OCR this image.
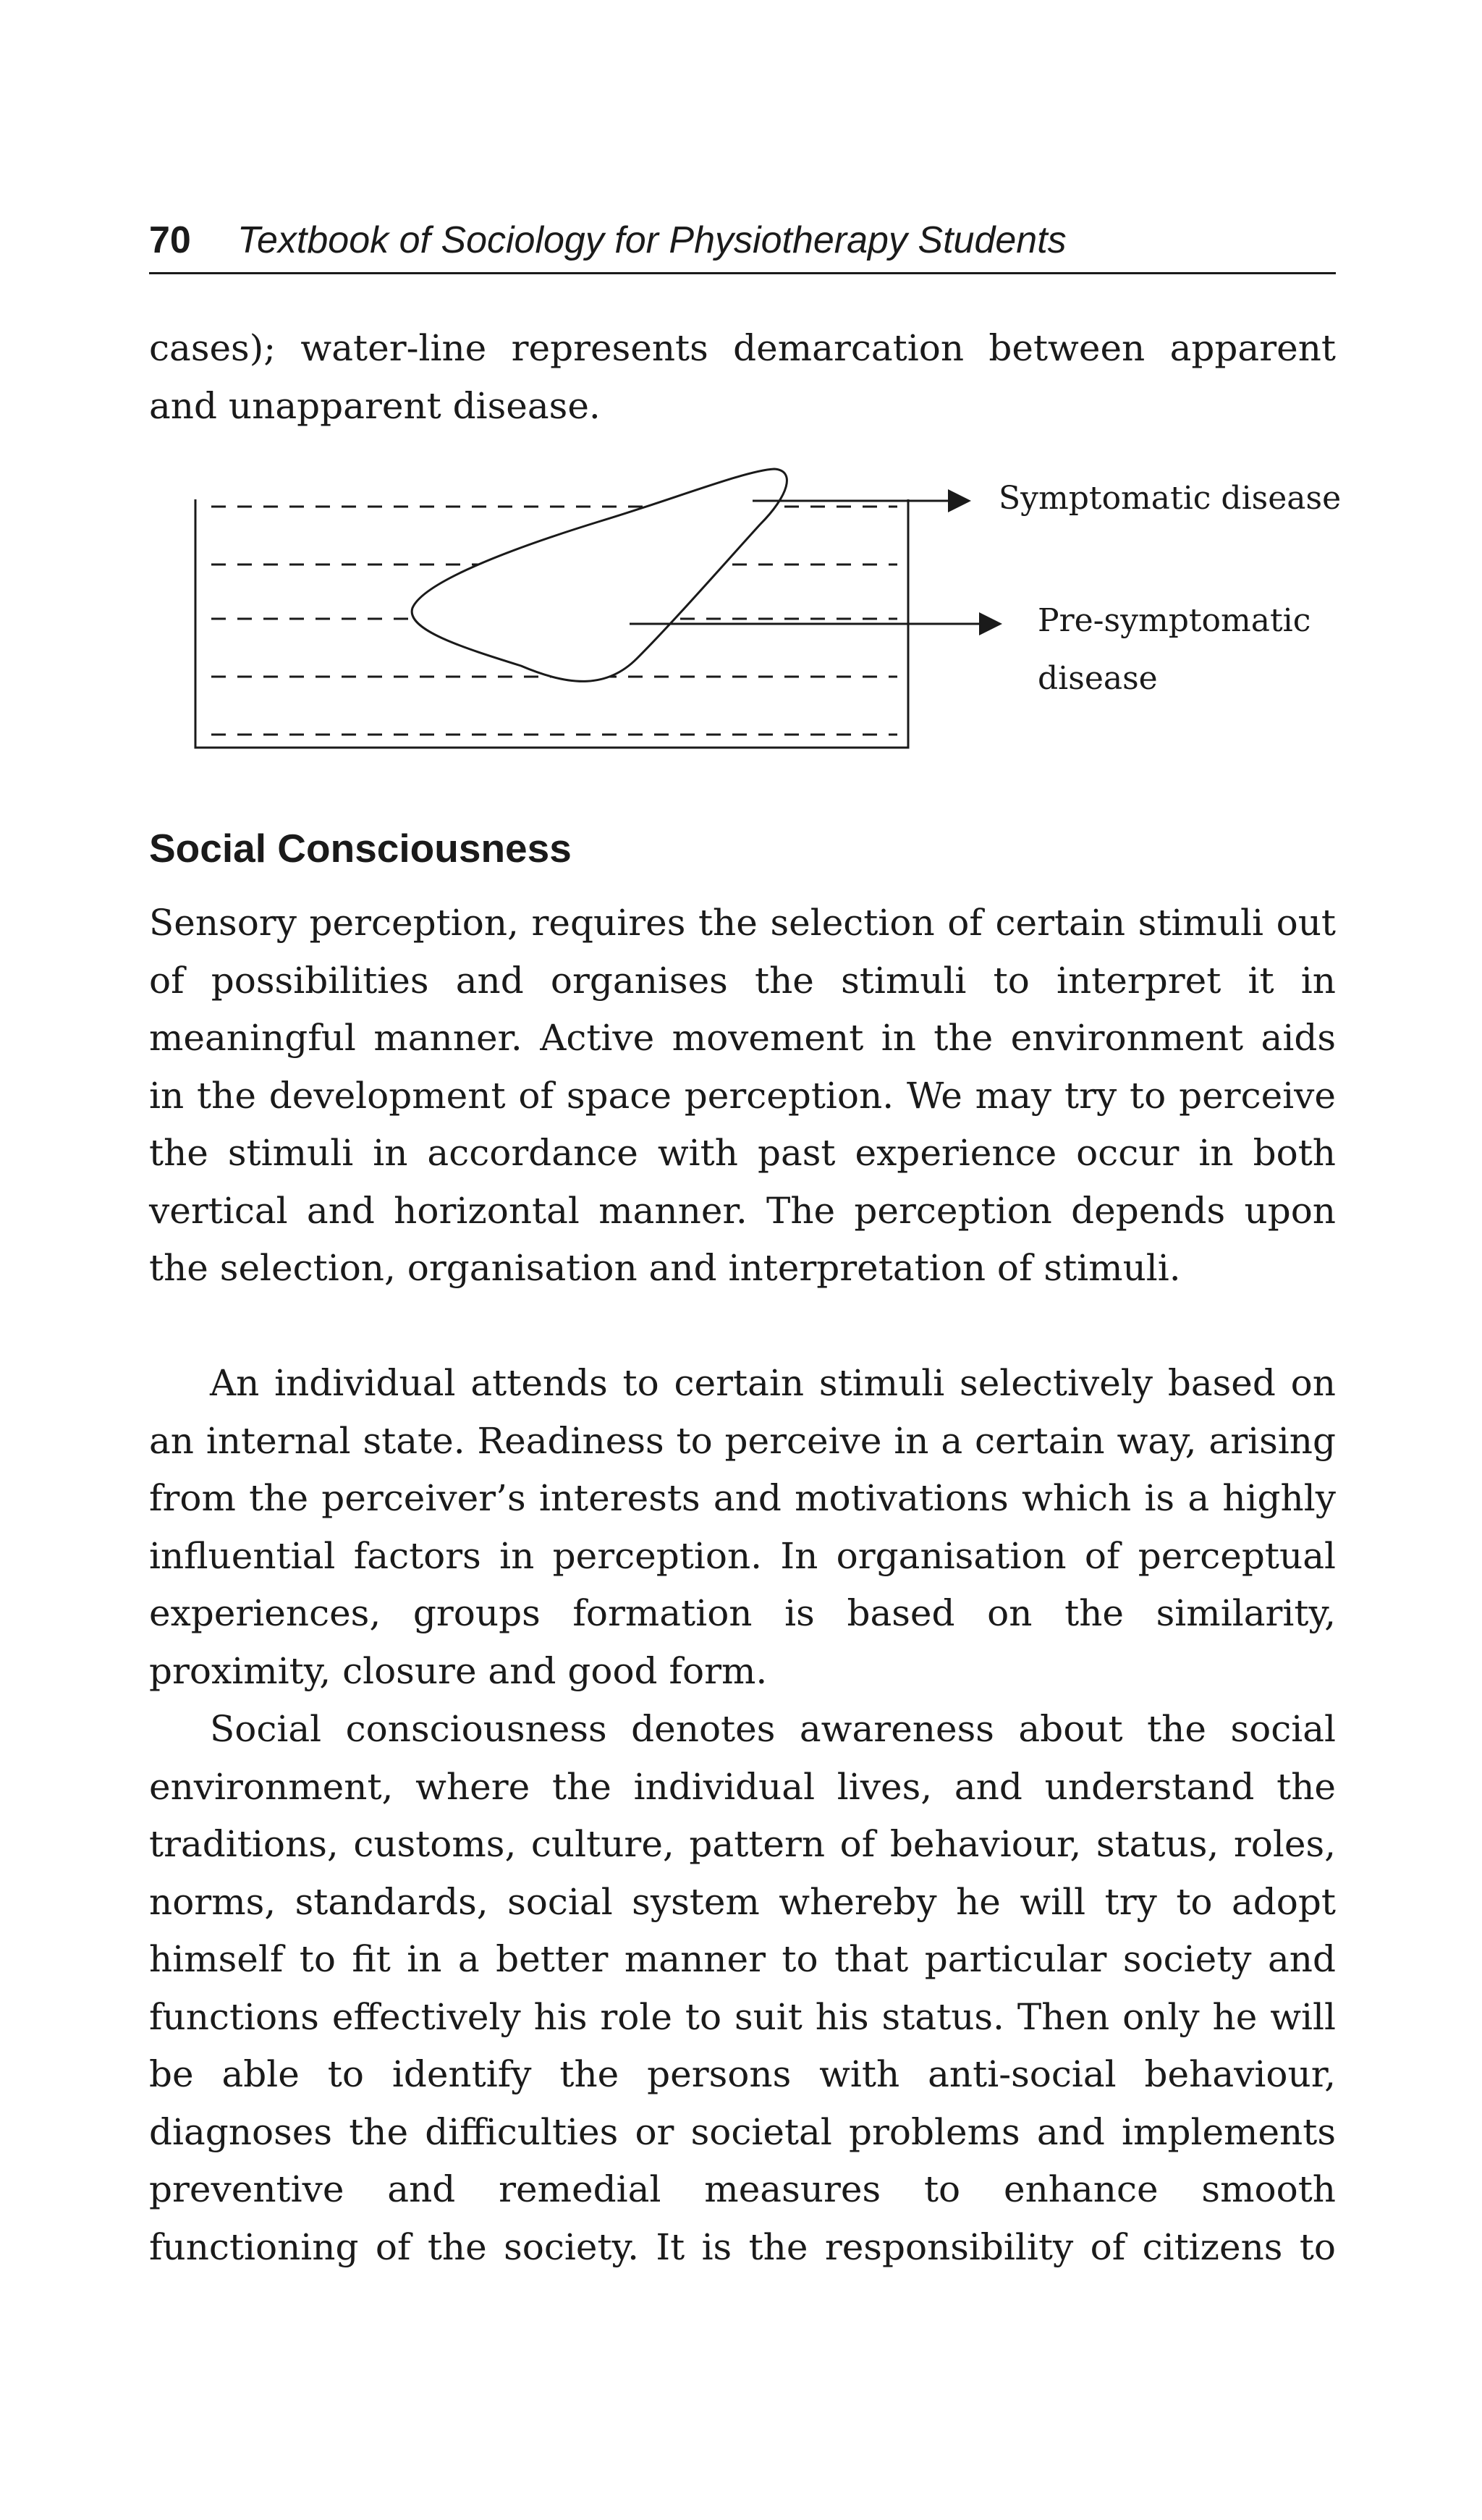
70 Textbook of Sociology for Physiotherapy Students

cases); water-line represents demarcation between apparent and unapparent disease.

Symptomatic disease
Pre-symptomatic
disease
Social Consciousness

Sensory perception, requires the selection of certain stimuli out of possibilities and organises the stimuli to interpret it in meaningful manner. Active movement in the environment aids in the development of space perception. We may try to perceive the stimuli in accordance with past experience occur in both vertical and horizontal manner. The perception depends upon the selection, organisation and interpretation of stimuli.

An individual attends to certain stimuli selectively based on an internal state. Readiness to perceive in a certain way, arising from the perceiver’s interests and motivations which is a highly influential factors in perception. In organisation of perceptual experiences, groups formation is based on the similarity, proximity, closure and good form.

Social consciousness denotes awareness about the social environment, where the individual lives, and understand the traditions, customs, culture, pattern of behaviour, status, roles, norms, standards, social system whereby he will try to adopt himself to fit in a better manner to that particular society and functions effectively his role to suit his status. Then only he will be able to identify the persons with anti-social behaviour, diagnoses the difficulties or societal problems and implements preventive and remedial measures to enhance smooth functioning of the society. It is the responsibility of citizens to
